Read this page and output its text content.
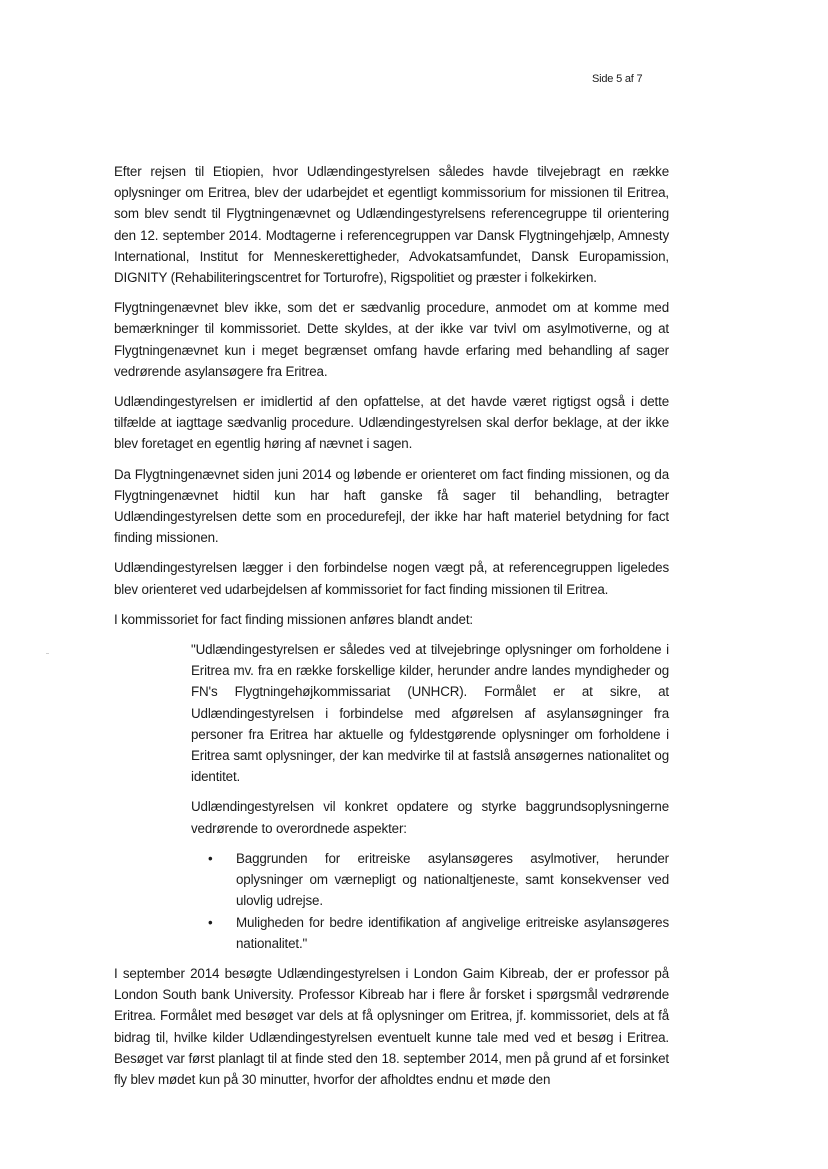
Side 5 af 7

Efter rejsen til Etiopien, hvor Udlændingestyrelsen således havde tilvejebragt en række oplysninger om Eritrea, blev der udarbejdet et egentligt kommissorium for missionen til Eritrea, som blev sendt til Flygtningenævnet og Udlændingestyrelsens referencegruppe til orientering den 12. september 2014. Modtagerne i referencegruppen var Dansk Flygtningehjælp, Amnesty International, Institut for Menneskerettigheder, Advokatsamfundet, Dansk Europamission, DIGNITY (Rehabiliteringscentret for Torturofre), Rigspolitiet og præster i folkekirken.

Flygtningenævnet blev ikke, som det er sædvanlig procedure, anmodet om at komme med bemærkninger til kommissoriet. Dette skyldes, at der ikke var tvivl om asylmotiverne, og at Flygtningenævnet kun i meget begrænset omfang havde erfaring med behandling af sager vedrørende asylansøgere fra Eritrea.

Udlændingestyrelsen er imidlertid af den opfattelse, at det havde været rigtigst også i dette tilfælde at iagttage sædvanlig procedure. Udlændingestyrelsen skal derfor beklage, at der ikke blev foretaget en egentlig høring af nævnet i sagen.

Da Flygtningenævnet siden juni 2014 og løbende er orienteret om fact finding missionen, og da Flygtningenævnet hidtil kun har haft ganske få sager til behandling, betragter Udlændingestyrelsen dette som en procedurefejl, der ikke har haft materiel betydning for fact finding missionen.

Udlændingestyrelsen lægger i den forbindelse nogen vægt på, at referencegruppen ligeledes blev orienteret ved udarbejdelsen af kommissoriet for fact finding missionen til Eritrea.

I kommissoriet for fact finding missionen anføres blandt andet:

"Udlændingestyrelsen er således ved at tilvejebringe oplysninger om forholdene i Eritrea mv. fra en række forskellige kilder, herunder andre landes myndigheder og FN's Flygtningehøjkommissariat (UNHCR). Formålet er at sikre, at Udlændingestyrelsen i forbindelse med afgørelsen af asylansøgninger fra personer fra Eritrea har aktuelle og fyldestgørende oplysninger om forholdene i Eritrea samt oplysninger, der kan medvirke til at fastslå ansøgernes nationalitet og identitet.

Udlændingestyrelsen vil konkret opdatere og styrke baggrundsoplysningerne vedrørende to overordnede aspekter:

• Baggrunden for eritreiske asylansøgeres asylmotiver, herunder oplysninger om værnepligt og nationaltjeneste, samt konsekvenser ved ulovlig udrejse.
• Muligheden for bedre identifikation af angivelige eritreiske asylansøgeres nationalitet."

I september 2014 besøgte Udlændingestyrelsen i London Gaim Kibreab, der er professor på London South bank University. Professor Kibreab har i flere år forsket i spørgsmål vedrørende Eritrea. Formålet med besøget var dels at få oplysninger om Eritrea, jf. kommissoriet, dels at få bidrag til, hvilke kilder Udlændingestyrelsen eventuelt kunne tale med ved et besøg i Eritrea. Besøget var først planlagt til at finde sted den 18. september 2014, men på grund af et forsinket fly blev mødet kun på 30 minutter, hvorfor der afholdtes endnu et møde den
